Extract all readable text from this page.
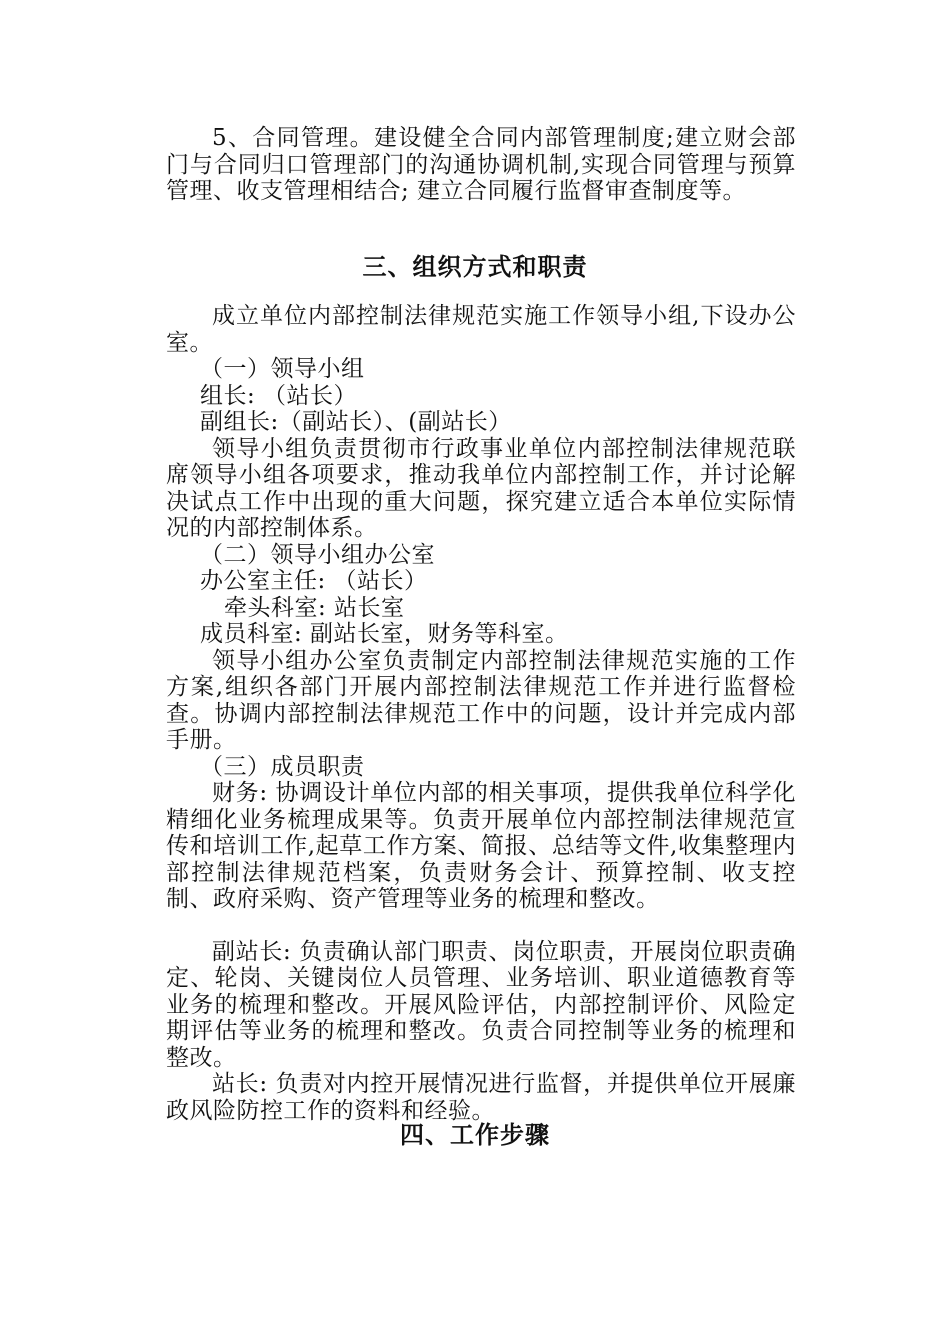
5、合同管理。建设健全合同内部管理制度;建立财会部门与合同归口管理部门的沟通协调机制,实现合同管理与预算管理、收支管理相结合; 建立合同履行监督审查制度等。

三、组织方式和职责

成立单位内部控制法律规范实施工作领导小组,下设办公室。

（一）领导小组

组长: （站长）

副组长:（副站长）、(副站长）

领导小组负责贯彻市行政事业单位内部控制法律规范联席领导小组各项要求，推动我单位内部控制工作，并讨论解决试点工作中出现的重大问题，探究建立适合本单位实际情况的内部控制体系。

（二）领导小组办公室

办公室主任: （站长）

牵头科室: 站长室

成员科室: 副站长室，财务等科室。

领导小组办公室负责制定内部控制法律规范实施的工作方案,组织各部门开展内部控制法律规范工作并进行监督检查。协调内部控制法律规范工作中的问题，设计并完成内部手册。

（三）成员职责

财务: 协调设计单位内部的相关事项，提供我单位科学化精细化业务梳理成果等。负责开展单位内部控制法律规范宣传和培训工作,起草工作方案、简报、总结等文件,收集整理内部控制法律规范档案，负责财务会计、预算控制、收支控制、政府采购、资产管理等业务的梳理和整改。

副站长: 负责确认部门职责、岗位职责，开展岗位职责确定、轮岗、关键岗位人员管理、业务培训、职业道德教育等业务的梳理和整改。开展风险评估，内部控制评价、风险定期评估等业务的梳理和整改。负责合同控制等业务的梳理和整改。

站长: 负责对内控开展情况进行监督，并提供单位开展廉政风险防控工作的资料和经验。

四、工作步骤
